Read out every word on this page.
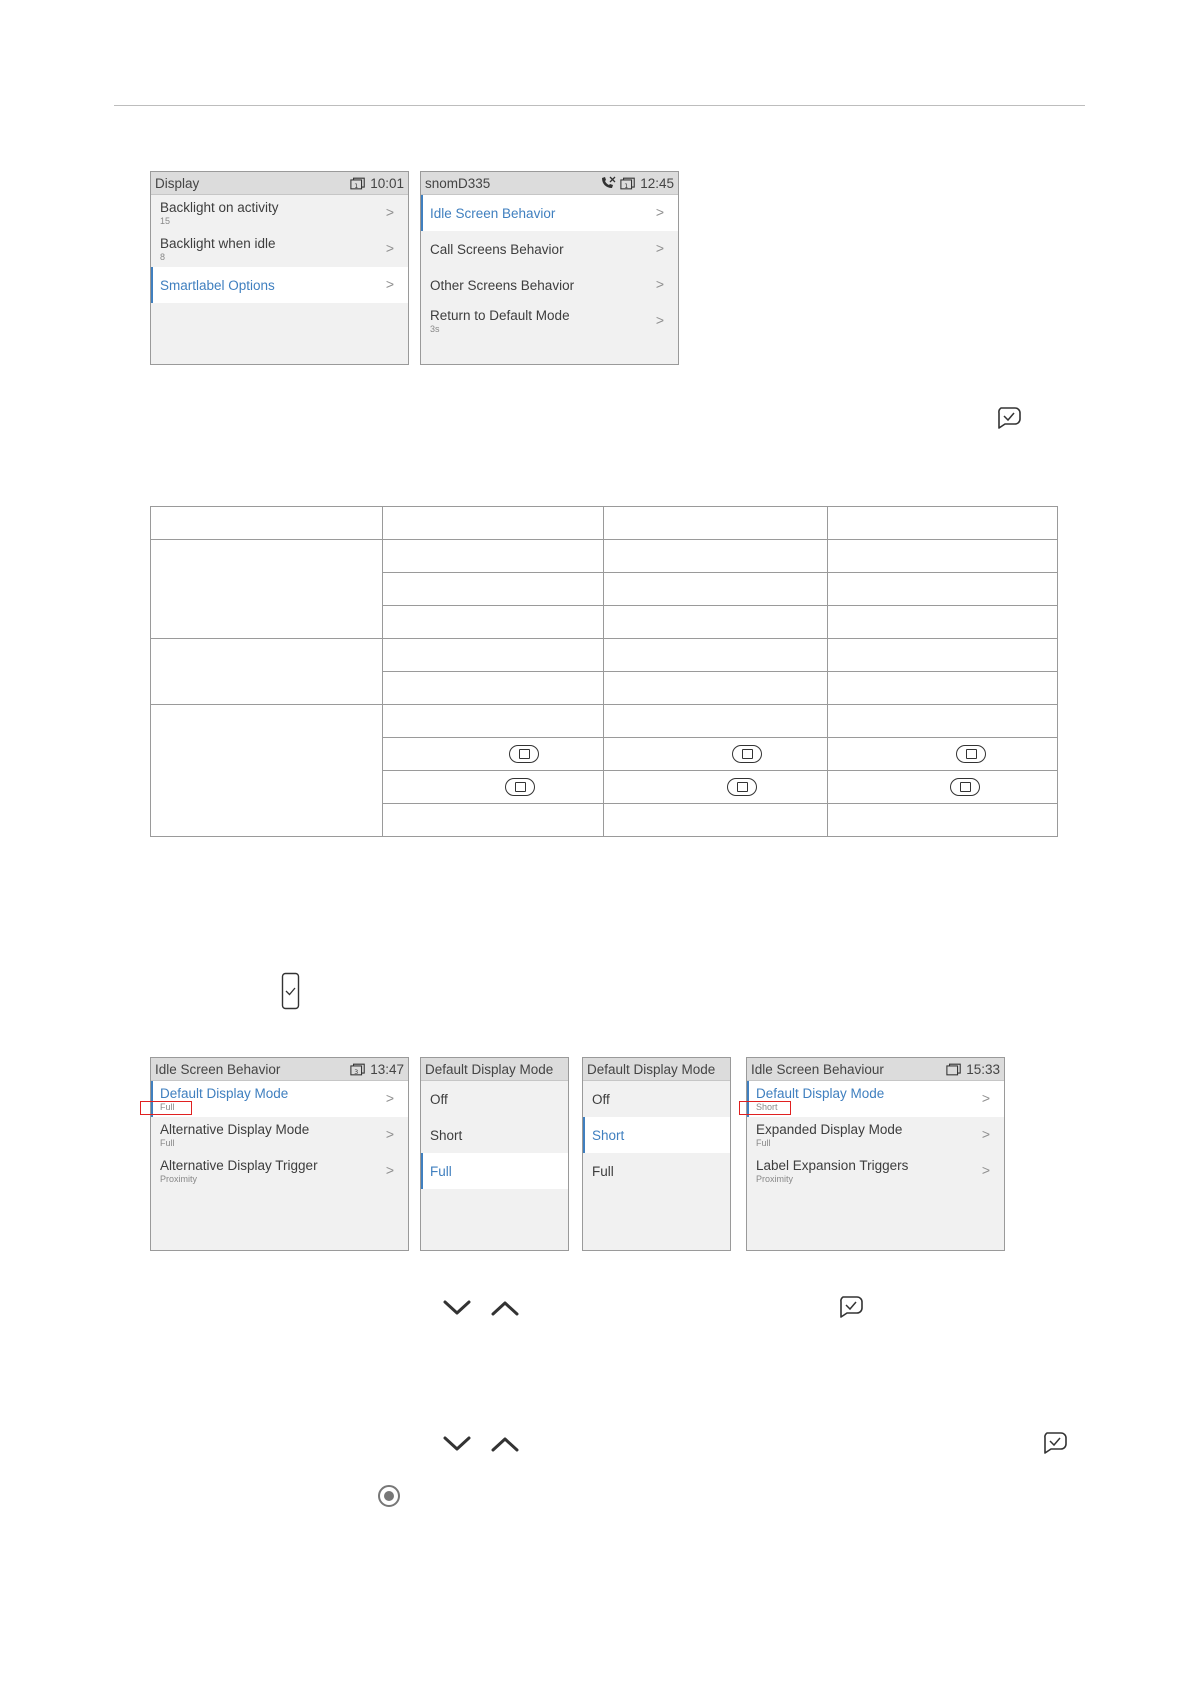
Display	1 10:01
Backlight on activity
15
>
Backlight when idle
8
>
Smartlabel Options	>
snomD335	1 12:45
Idle Screen Behavior	>
Call Screens Behavior	>
Other Screens Behavior	>
Return to Default Mode
3s
>

Idle Screen Behavior	3 13:47
Default Display Mode
Full
>
Alternative Display Mode
Full
>
Alternative Display Trigger
Proximity
>
Default Display Mode
Off
Short
Full
Default Display Mode
Off
Short
Full
Idle Screen Behaviour	15:33
Default Display Mode
Short
>
Expanded Display Mode
Full
>
Label Expansion Triggers
Proximity
>
